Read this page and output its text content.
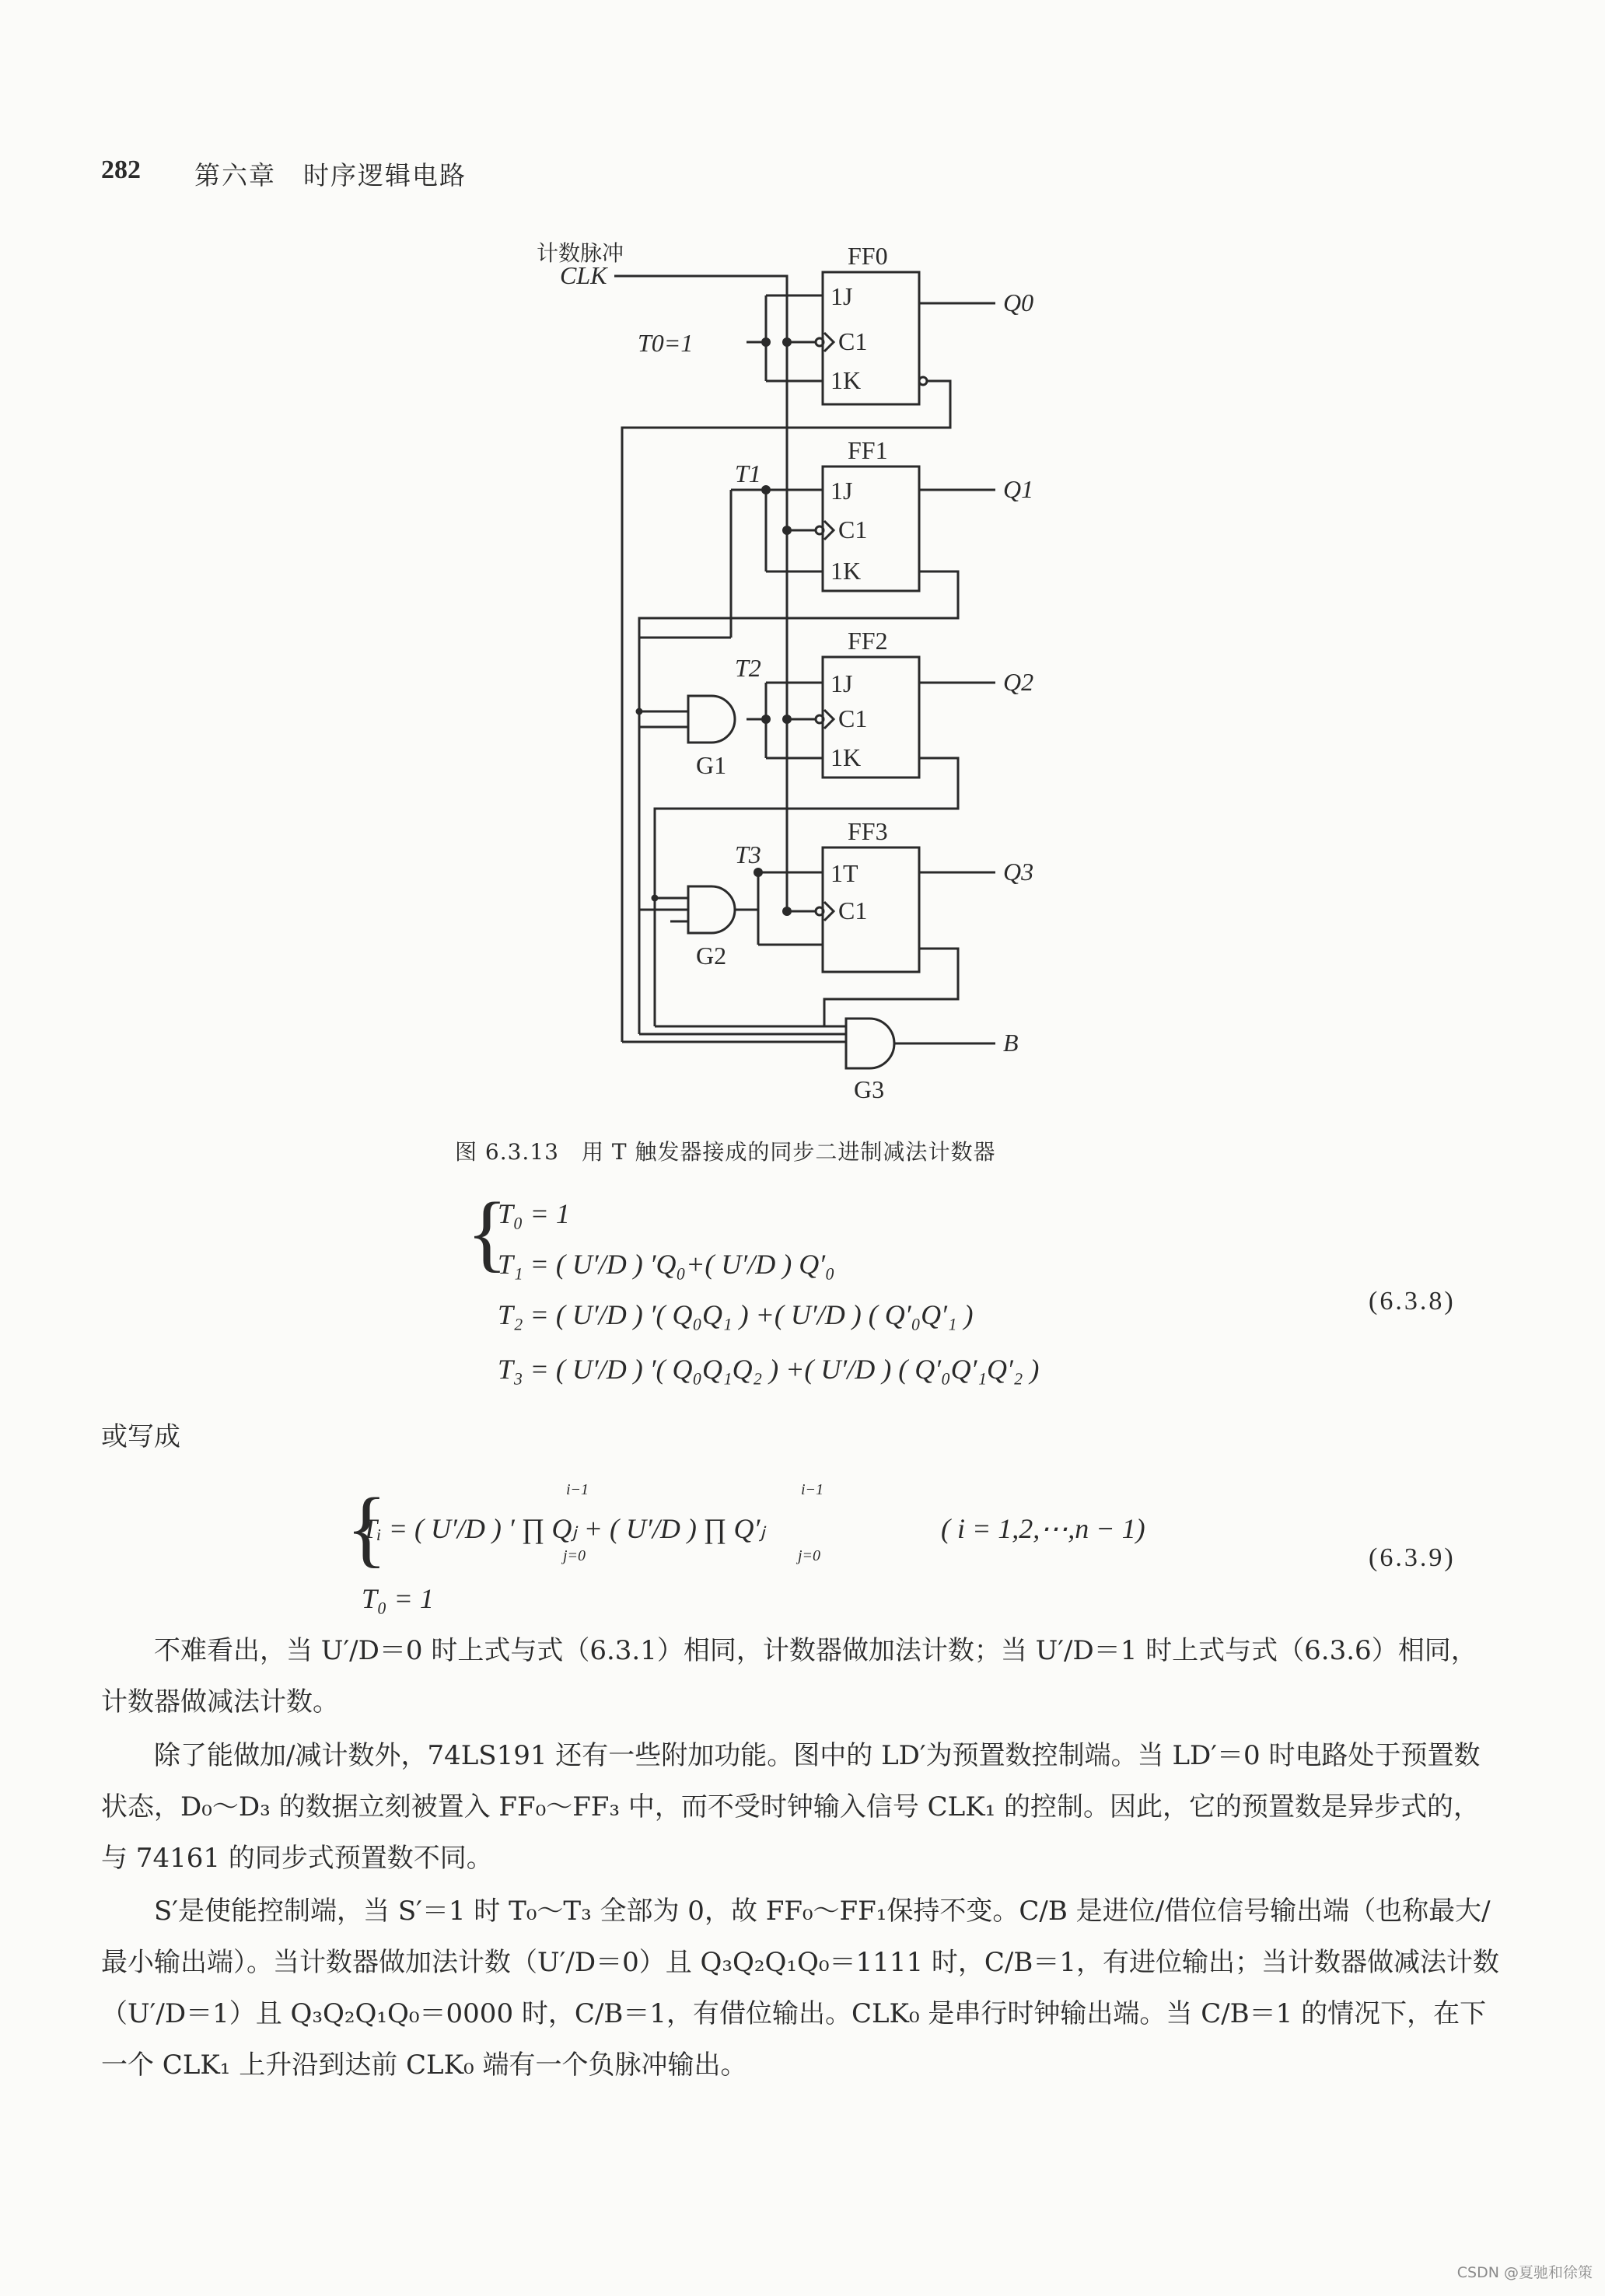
282 第六章　时序逻辑电路
计数脉冲
CLK
FF0
FF1
FF2
FF3
T0=1
T1
T2
T3
1J
C1
1K
1J
C1
1K
1J
C1
1K
1T
C1
Q0
Q1
Q2
Q3
G1
G2
G3
B
图 6.3.13　用 T 触发器接成的同步二进制减法计数器
{
T₀ = 1
T₁ = ( U′/D ) ′Q₀+( U′/D ) Q′₀
T₂ = ( U′/D ) ′( Q₀Q₁ ) +( U′/D ) ( Q′₀Q′₁ )
T₃ = ( U′/D ) ′( Q₀Q₁Q₂ ) +( U′/D ) ( Q′₀Q′₁Q′₂ )
(6.3.8)
或写成
{
Tᵢ = ( U′/D ) ′ ∏ Qⱼ + ( U′/D ) ∏ Q′ⱼ
i−1
j=0
i−1
j=0
( i = 1,2,⋯,n − 1)
T₀ = 1
(6.3.9)
不难看出，当 U′/D＝0 时上式与式（6.3.1）相同，计数器做加法计数；当 U′/D＝1 时上式与式（6.3.6）相同，计数器做减法计数。
除了能做加/减计数外，74LS191 还有一些附加功能。图中的 LD′为预置数控制端。当 LD′＝0 时电路处于预置数状态，D₀～D₃ 的数据立刻被置入 FF₀～FF₃ 中，而不受时钟输入信号 CLK₁ 的控制。因此，它的预置数是异步式的，与 74161 的同步式预置数不同。
S′是使能控制端，当 S′＝1 时 T₀～T₃ 全部为 0，故 FF₀～FF₁保持不变。C/B 是进位/借位信号输出端（也称最大/最小输出端）。当计数器做加法计数（U′/D＝0）且 Q₃Q₂Q₁Q₀＝1111 时，C/B＝1，有进位输出；当计数器做减法计数（U′/D＝1）且 Q₃Q₂Q₁Q₀＝0000 时，C/B＝1，有借位输出。CLK₀ 是串行时钟输出端。当 C/B＝1 的情况下，在下一个 CLK₁ 上升沿到达前 CLK₀ 端有一个负脉冲输出。
CSDN @夏驰和徐策
